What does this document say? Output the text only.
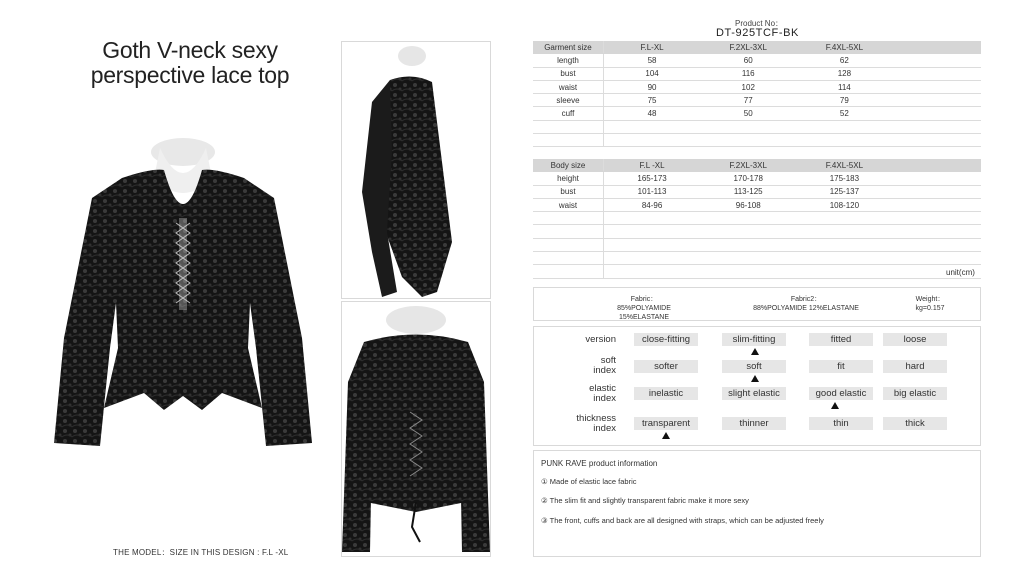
Goth V-neck sexy
perspective lace top
THE MODEL：SIZE IN THIS DESIGN : F.L -XL
Product No：
DT-925TCF-BK
Garment size	F.L-XL	F.2XL-3XL	F.4XL-5XL	
length	58	60	62	
bust	104	116	128	
waist	90	102	114	
sleeve	75	77	79	
cuff	48	50	52	

Body size	F.L -XL	F.2XL-3XL	F.4XL-5XL	
height	165-173	170-178	175-183	
bust	101-113	113-125	125-137	
waist	84-96	96-108	108-120	

unit(cm)
Fabric：
85%POLYAMIDE 15%ELASTANE
Fabric2：
88%POLYAMIDE 12%ELASTANE
Weight：
kg=0.157
version	close-fitting	slim-fitting	fitted	loose
soft
index	softer	soft	fit	hard
elastic
index	inelastic	slight elastic	good elastic	big elastic
thickness
index	transparent	thinner	thin	thick
PUNK RAVE product information
① Made of elastic lace fabric
② The slim fit and slightly transparent fabric make it more sexy
③ The front, cuffs and back are all designed with straps, which can be adjusted freely
